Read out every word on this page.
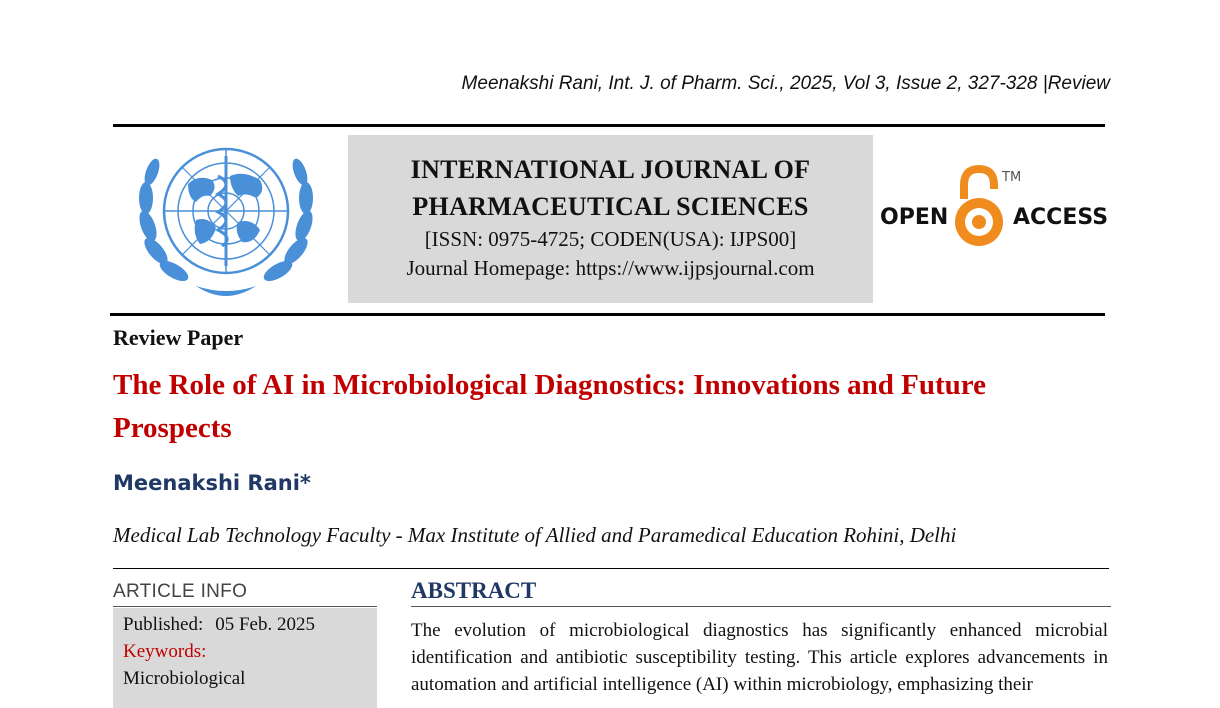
Meenakshi Rani, Int. J. of Pharm. Sci., 2025, Vol 3, Issue 2, 327-328 |Review
INTERNATIONAL JOURNAL OF
PHARMACEUTICAL SCIENCES
[ISSN: 0975-4725; CODEN(USA): IJPS00]
Journal Homepage: https://www.ijpsjournal.com
OPEN
TM
ACCESS
Review Paper
The Role of AI in Microbiological Diagnostics: Innovations and Future Prospects
Meenakshi Rani*
Medical Lab Technology Faculty - Max Institute of Allied and Paramedical Education Rohini, Delhi
ARTICLE INFO
Published: 05 Feb. 2025
Keywords:
Microbiological
ABSTRACT
The evolution of microbiological diagnostics has significantly enhanced microbial identification and antibiotic susceptibility testing. This article explores advancements in automation and artificial intelligence (AI) within microbiology, emphasizing their
